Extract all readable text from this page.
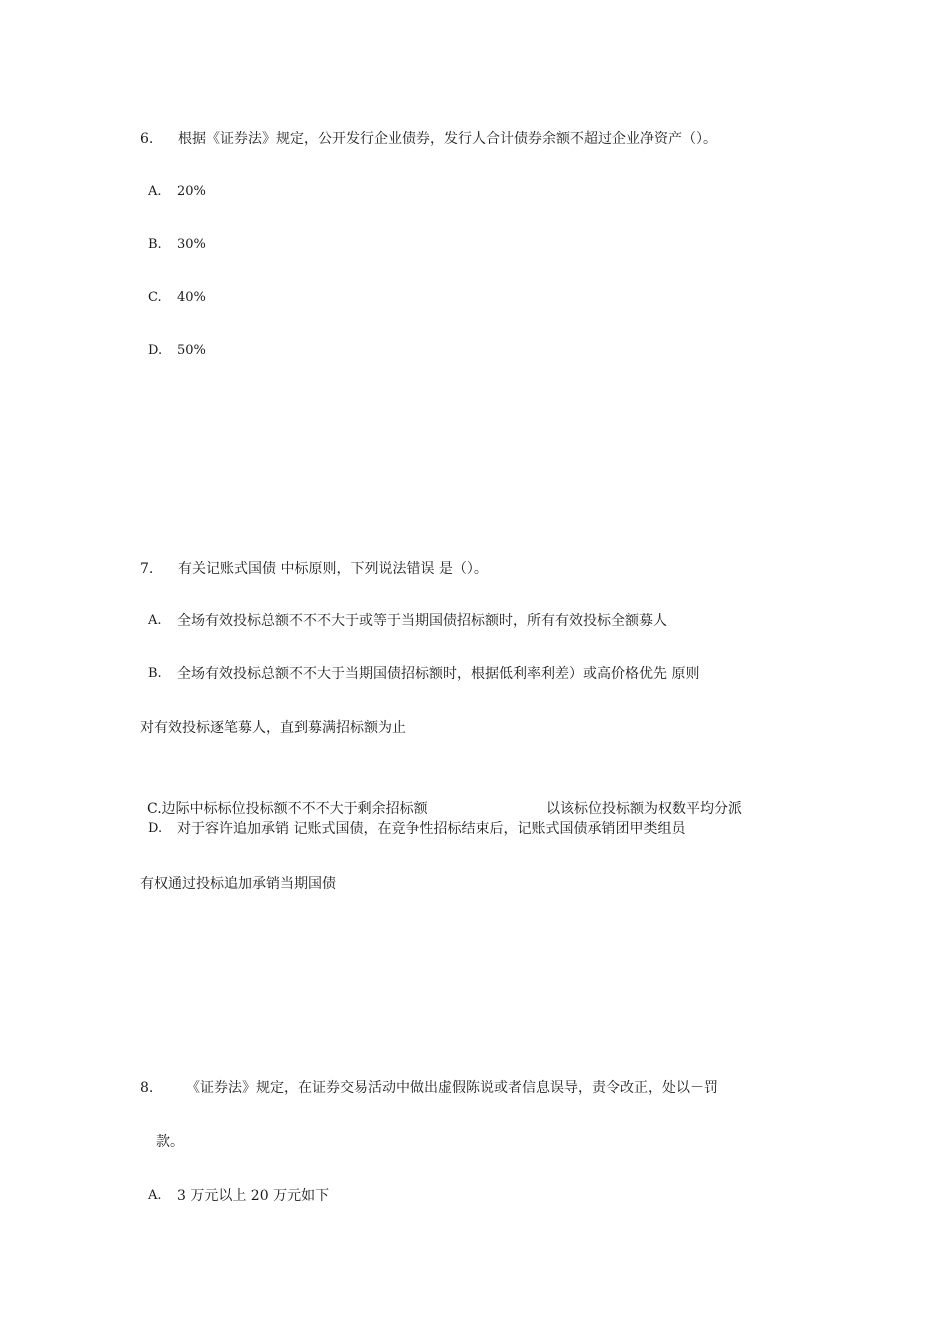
6. 根据《证券法》规定，公开发行企业债券，发行人合计债券余额不超过企业净资产（）。
A. 20%
B. 30%
C. 40%
D. 50%
7. 有关记账式国债 中标原则，下列说法错误 是（）。
A. 全场有效投标总额不不不大于或等于当期国债招标额时，所有有效投标全额募人
B. 全场有效投标总额不不大于当期国债招标额时，根据低利率利差）或高价格优先 原则
对有效投标逐笔募人，直到募满招标额为止
C.边际中标标位投标额不不不大于剩余招标额	以该标位投标额为权数平均分派
D. 对于容许追加承销 记账式国债，在竞争性招标结束后，记账式国债承销团甲类组员
有权通过投标追加承销当期国债
8. 《证券法》规定，在证券交易活动中做出虚假陈说或者信息误导，责令改正，处以－罚
款。
A. 3 万元以上 20 万元如下
